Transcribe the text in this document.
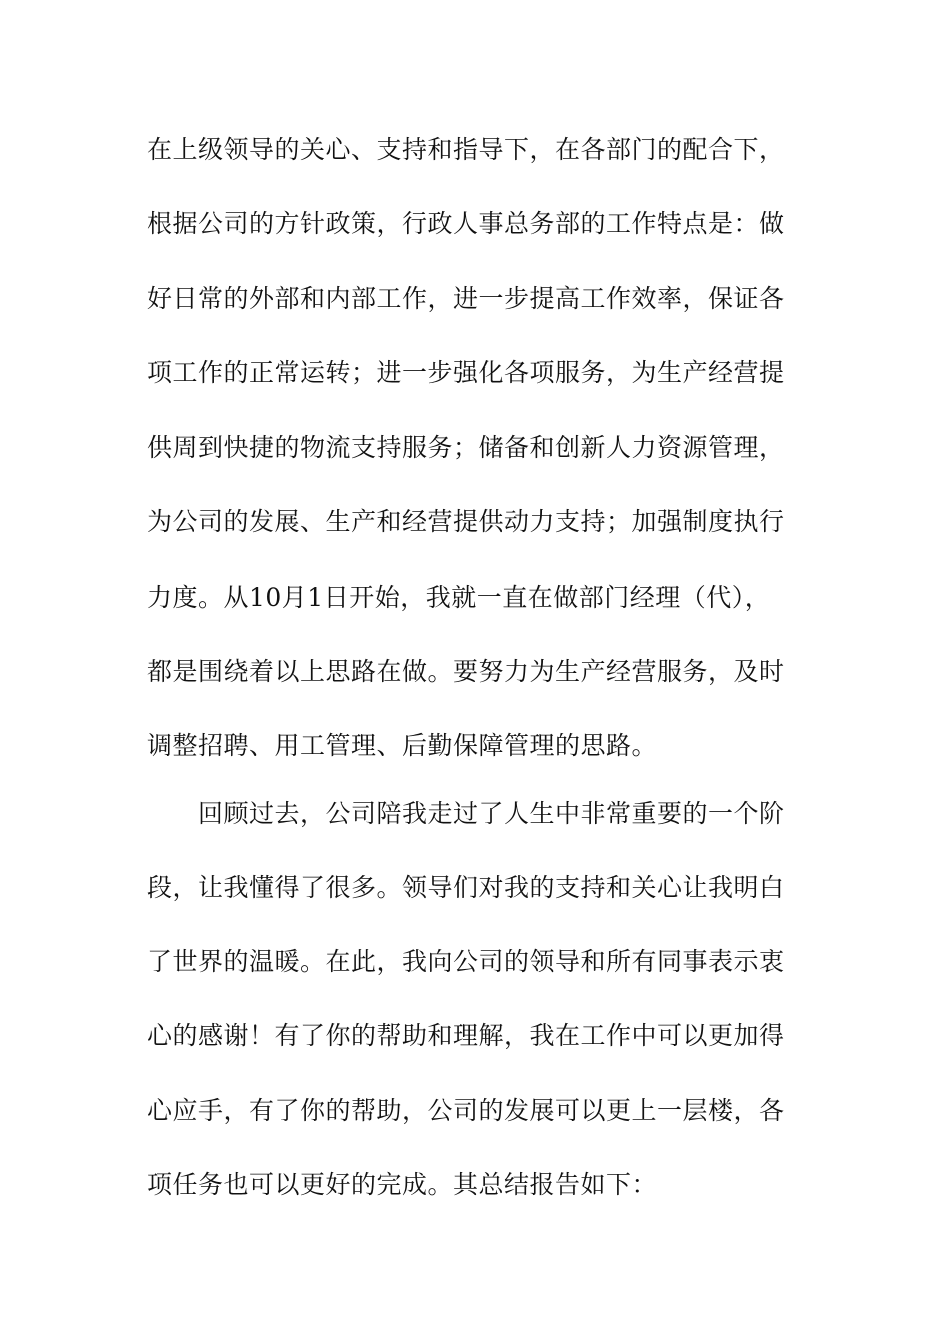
在上级领导的关心、支持和指导下，在各部门的配合下，
根据公司的方针政策，行政人事总务部的工作特点是：做
好日常的外部和内部工作，进一步提高工作效率，保证各
项工作的正常运转；进一步强化各项服务，为生产经营提
供周到快捷的物流支持服务；储备和创新人力资源管理，
为公司的发展、生产和经营提供动力支持；加强制度执行
力度。从10月1日开始，我就一直在做部门经理（代），
都是围绕着以上思路在做。要努力为生产经营服务，及时
调整招聘、用工管理、后勤保障管理的思路。
回顾过去，公司陪我走过了人生中非常重要的一个阶
段，让我懂得了很多。领导们对我的支持和关心让我明白
了世界的温暖。在此，我向公司的领导和所有同事表示衷
心的感谢！有了你的帮助和理解，我在工作中可以更加得
心应手，有了你的帮助，公司的发展可以更上一层楼，各
项任务也可以更好的完成。其总结报告如下：
